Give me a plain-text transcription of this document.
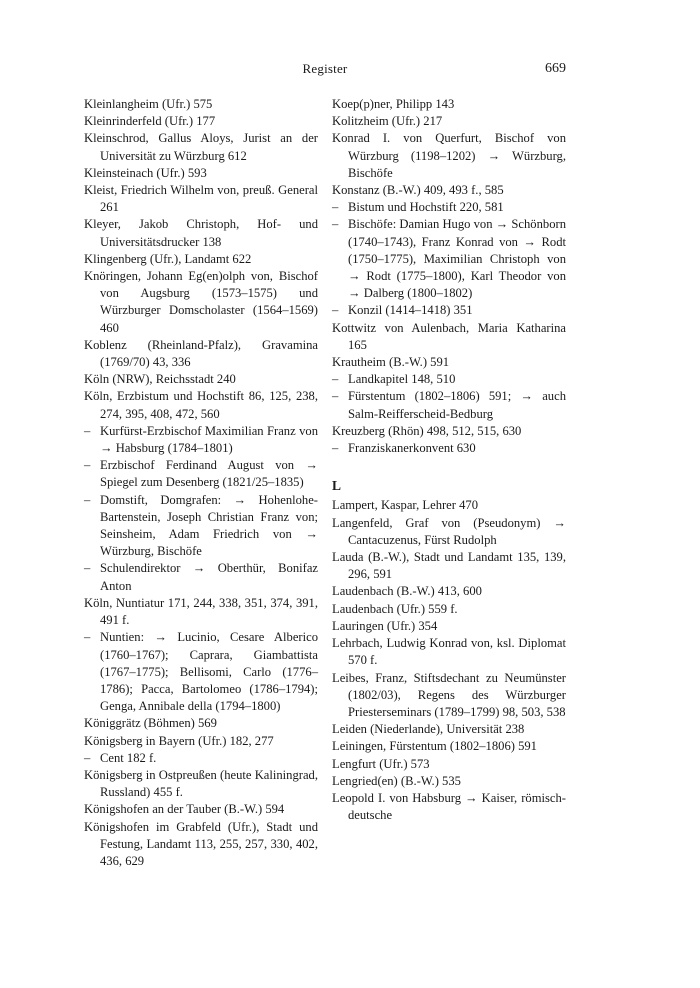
Register	669
Kleinlangheim (Ufr.) 575
Kleinrinderfeld (Ufr.) 177
Kleinschrod, Gallus Aloys, Jurist an der Universität zu Würzburg 612
Kleinsteinach (Ufr.) 593
Kleist, Friedrich Wilhelm von, preuß. General 261
Kleyer, Jakob Christoph, Hof- und Universitätsdrucker 138
Klingenberg (Ufr.), Landamt 622
Knöringen, Johann Eg(en)olph von, Bischof von Augsburg (1573–1575) und Würzburger Domscholaster (1564–1569) 460
Koblenz (Rheinland-Pfalz), Gravamina (1769/70) 43, 336
Köln (NRW), Reichsstadt 240
Köln, Erzbistum und Hochstift 86, 125, 238, 274, 395, 408, 472, 560
– Kurfürst-Erzbischof Maximilian Franz von → Habsburg (1784–1801)
– Erzbischof Ferdinand August von → Spiegel zum Desenberg (1821/25–1835)
– Domstift, Domgrafen: → Hohenlohe-Bartenstein, Joseph Christian Franz von; Seinsheim, Adam Friedrich von → Würzburg, Bischöfe
– Schulendirektor → Oberthür, Bonifaz Anton
Köln, Nuntiatur 171, 244, 338, 351, 374, 391, 491 f.
– Nuntien: → Lucinio, Cesare Alberico (1760–1767); Caprara, Giambattista (1767–1775); Bellisomi, Carlo (1776–1786); Pacca, Bartolomeo (1786–1794); Genga, Annibale della (1794–1800)
Königgrätz (Böhmen) 569
Königsberg in Bayern (Ufr.) 182, 277
– Cent 182 f.
Königsberg in Ostpreußen (heute Kaliningrad, Russland) 455 f.
Königshofen an der Tauber (B.-W.) 594
Königshofen im Grabfeld (Ufr.), Stadt und Festung, Landamt 113, 255, 257, 330, 402, 436, 629
Koep(p)ner, Philipp 143
Kolitzheim (Ufr.) 217
Konrad I. von Querfurt, Bischof von Würzburg (1198–1202) → Würzburg, Bischöfe
Konstanz (B.-W.) 409, 493 f., 585
– Bistum und Hochstift 220, 581
– Bischöfe: Damian Hugo von → Schönborn (1740–1743), Franz Konrad von → Rodt (1750–1775), Maximilian Christoph von → Rodt (1775–1800), Karl Theodor von → Dalberg (1800–1802)
– Konzil (1414–1418) 351
Kottwitz von Aulenbach, Maria Katharina 165
Krautheim (B.-W.) 591
– Landkapitel 148, 510
– Fürstentum (1802–1806) 591; → auch Salm-Reifferscheid-Bedburg
Kreuzberg (Rhön) 498, 512, 515, 630
– Franziskanerkonvent 630
L
Lampert, Kaspar, Lehrer 470
Langenfeld, Graf von (Pseudonym) → Cantacuzenus, Fürst Rudolph
Lauda (B.-W.), Stadt und Landamt 135, 139, 296, 591
Laudenbach (B.-W.) 413, 600
Laudenbach (Ufr.) 559 f.
Lauringen (Ufr.) 354
Lehrbach, Ludwig Konrad von, ksl. Diplomat 570 f.
Leibes, Franz, Stiftsdechant zu Neumünster (1802/03), Regens des Würzburger Priesterseminars (1789–1799) 98, 503, 538
Leiden (Niederlande), Universität 238
Leiningen, Fürstentum (1802–1806) 591
Lengfurt (Ufr.) 573
Lengried(en) (B.-W.) 535
Leopold I. von Habsburg → Kaiser, römisch-deutsche
